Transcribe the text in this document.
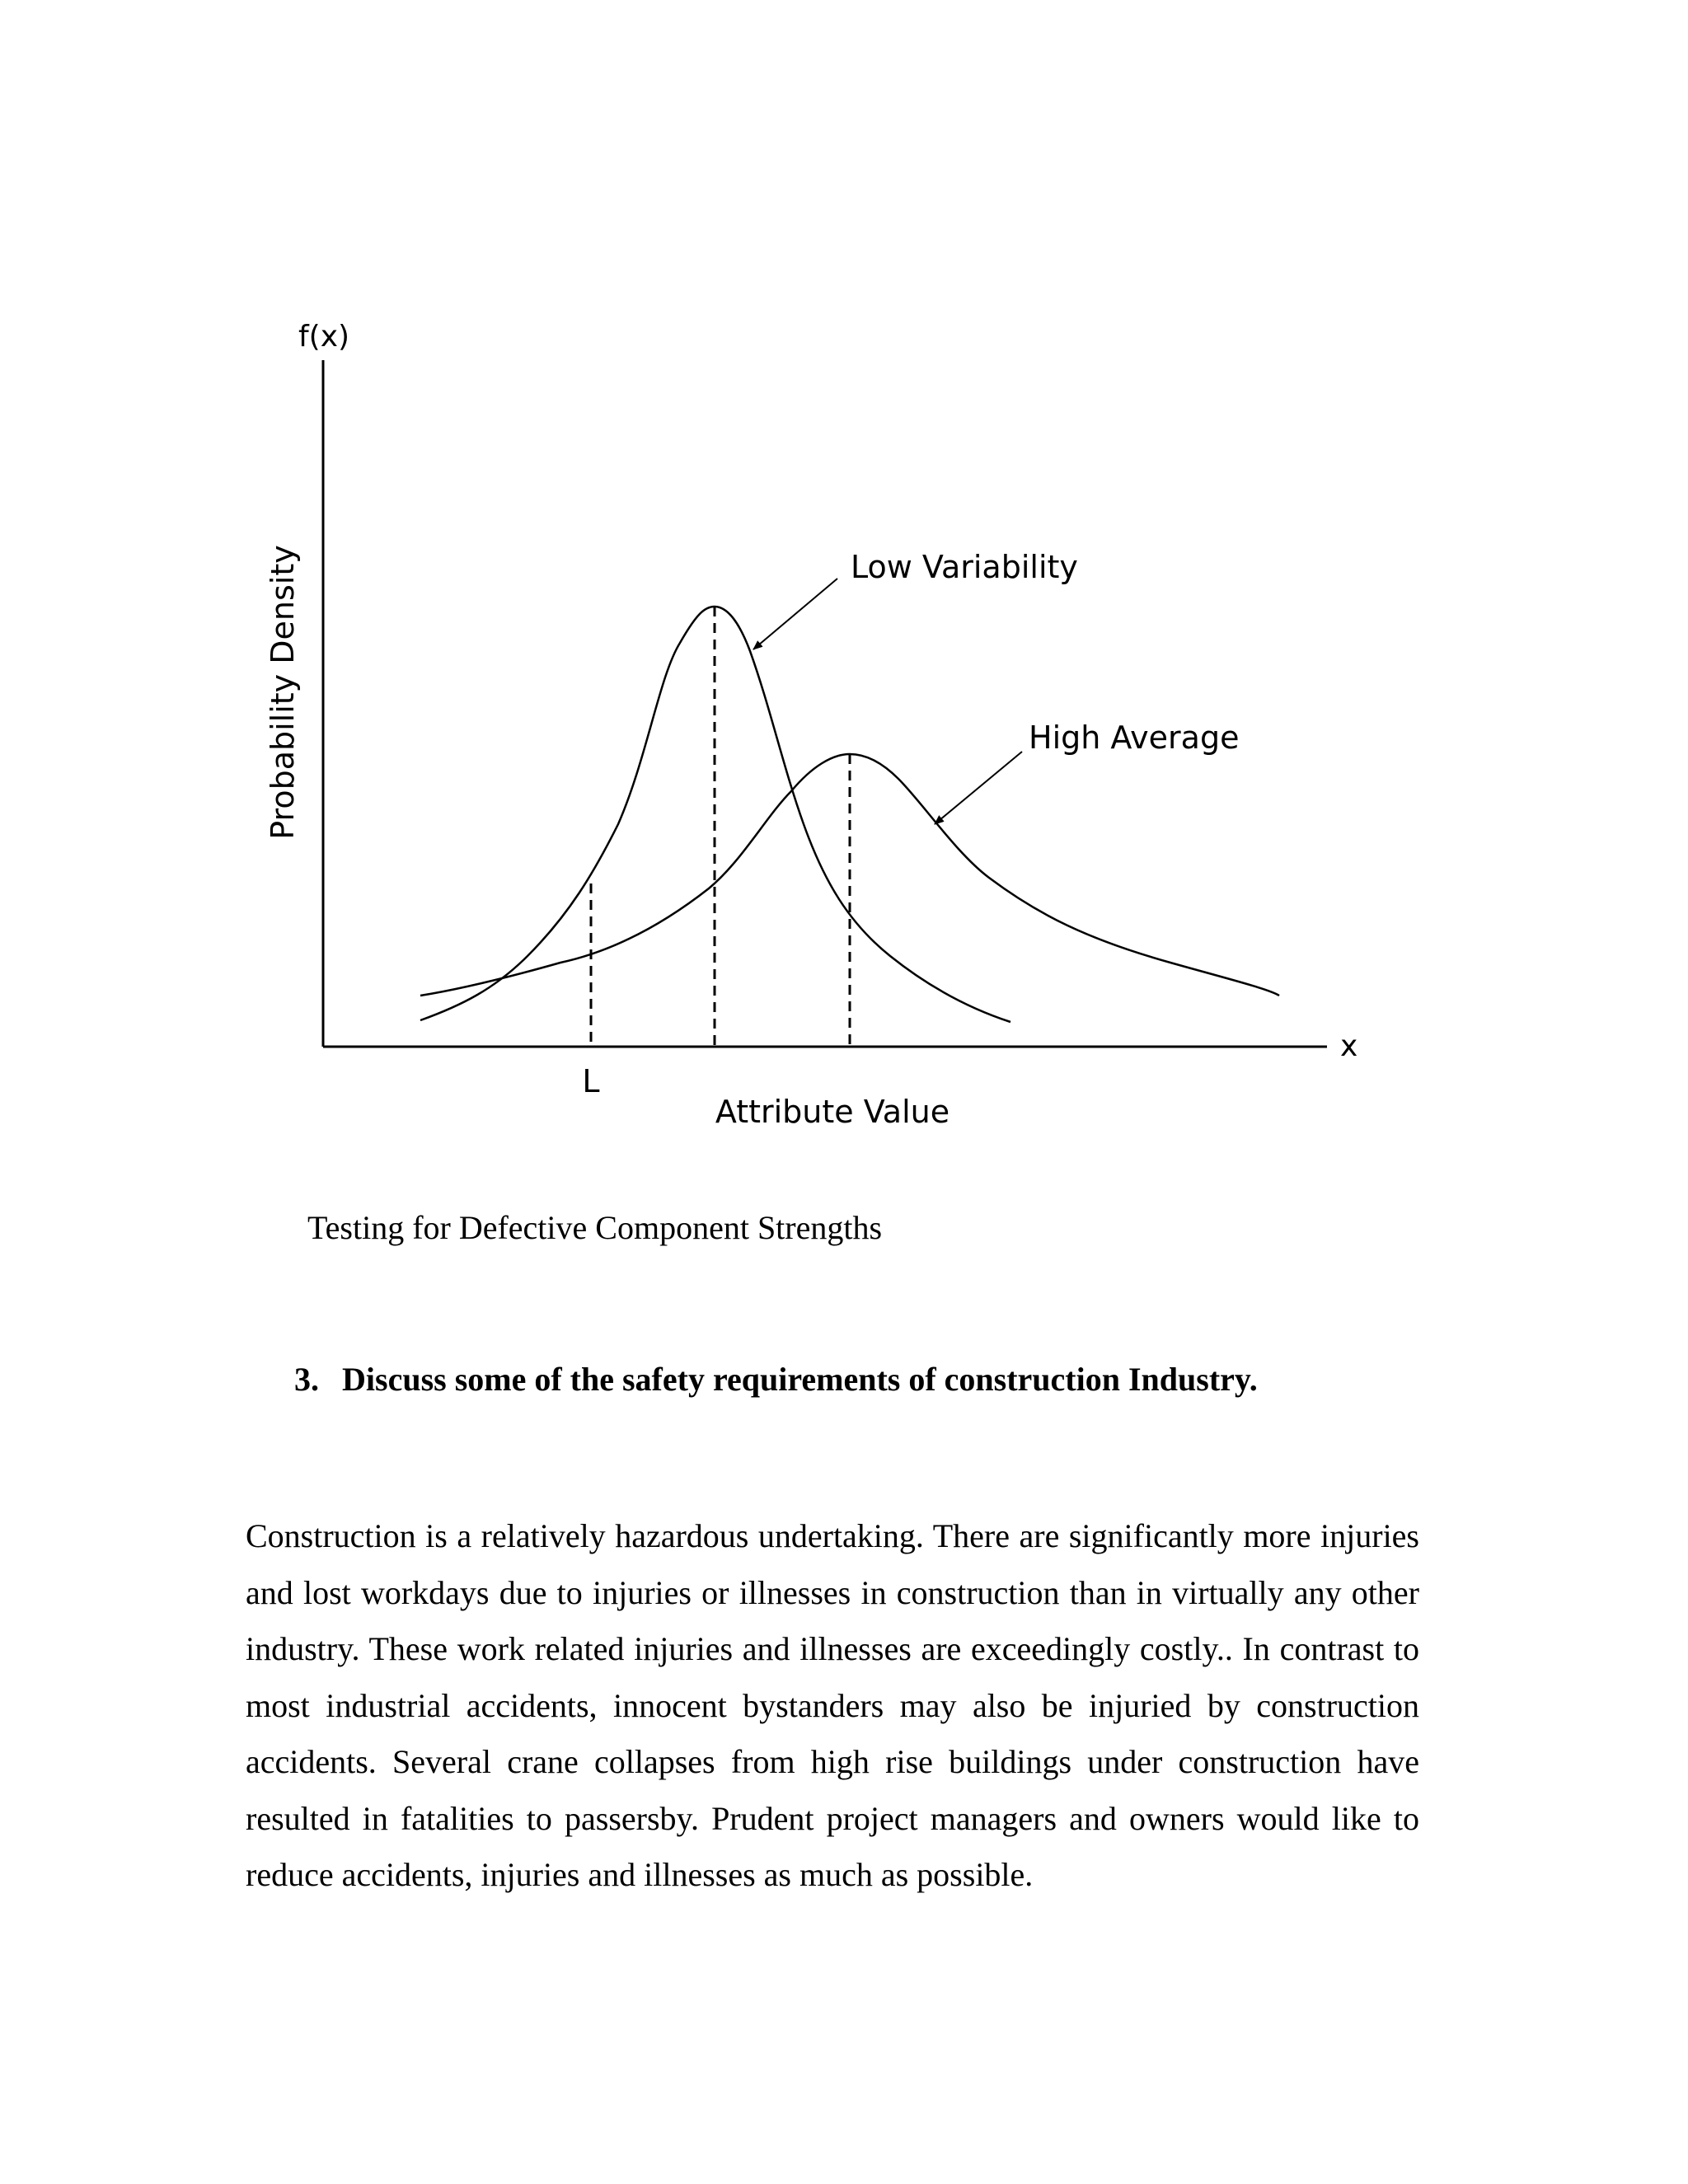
f(x)
x
Probability Density
Attribute Value
L
Low Variability
High Average
Testing for Defective Component Strengths
3. Discuss some of the safety requirements of construction Industry.

Construction is a relatively hazardous undertaking. There are significantly more injuries and lost workdays due to injuries or illnesses in construction than in virtually any other industry. These work related injuries and illnesses are exceedingly costly.. In contrast to most industrial accidents, innocent bystanders may also be injuried by construction accidents. Several crane collapses from high rise buildings under construction have resulted in fatalities to passersby. Prudent project managers and owners would like to reduce accidents, injuries and illnesses as much as possible.
